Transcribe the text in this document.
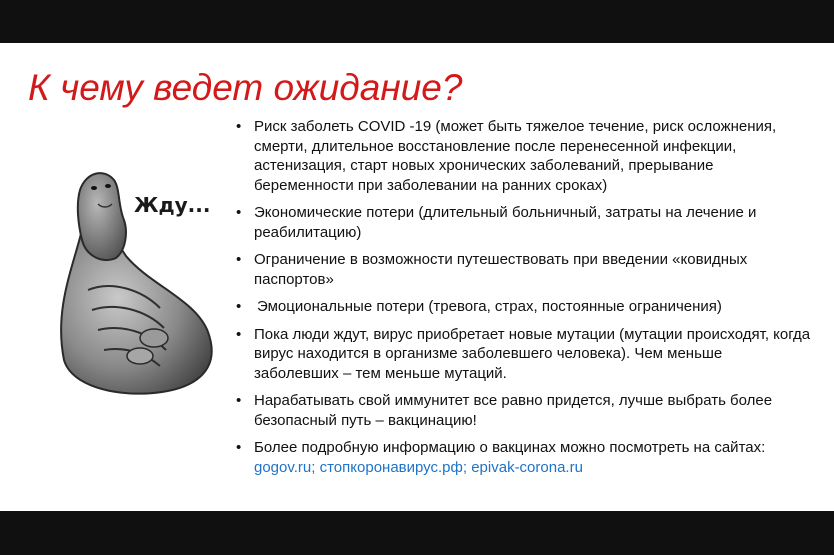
К чему ведет ожидание?
Жду...
• Риск заболеть COVID -19 (может быть тяжелое течение, риск осложнения, смерти, длительное восстановление после перенесенной инфекции, астенизация, старт новых хронических заболеваний, прерывание беременности при заболевании на ранних сроках)
• Экономические потери (длительный больничный, затраты на лечение и реабилитацию)
• Ограничение в возможности путешествовать при введении «ковидных паспортов»
• Эмоциональные потери (тревога, страх, постоянные ограничения)
• Пока люди ждут, вирус приобретает новые мутации (мутации происходят, когда вирус находится в организме заболевшего человека). Чем меньше заболевших – тем меньше мутаций.
• Нарабатывать свой иммунитет все равно придется, лучше выбрать более безопасный путь – вакцинацию!
• Более подробную информацию о вакцинах можно посмотреть на сайтах: gogov.ru; стопкоронавирус.рф; epivak-corona.ru
